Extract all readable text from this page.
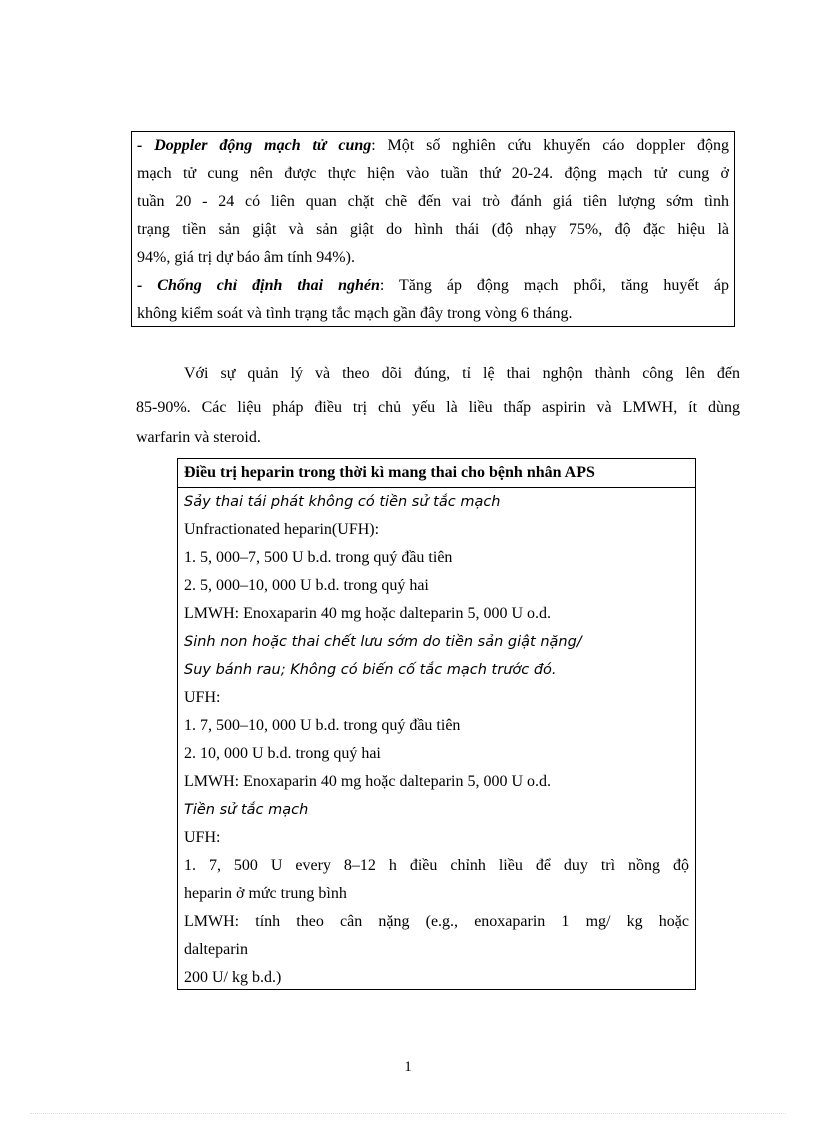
- Doppler động mạch tử cung: Một số nghiên cứu khuyến cáo doppler động
mạch tử cung nên được thực hiện vào tuần thứ 20-24. động mạch tử cung ở
tuần 20 - 24 có liên quan chặt chẽ đến vai trò đánh giá tiên lượng sớm tình
trạng tiền sản giật và sản giật do hình thái (độ nhạy 75%, độ đặc hiệu là
94%, giá trị dự báo âm tính 94%).
- Chống chỉ định thai nghén: Tăng áp động mạch phổi, tăng huyết áp
không kiểm soát và tình trạng tắc mạch gần đây trong vòng 6 tháng.
Với sự quản lý và theo dõi đúng, tỉ lệ thai nghộn thành công lên đến
85-90%. Các liệu pháp điều trị chủ yếu là liều thấp aspirin và LMWH, ít dùng
warfarin và steroid.
Điều trị heparin trong thời kì mang thai cho bệnh nhân APS
Sảy thai tái phát không có tiền sử tắc mạch
Unfractionated heparin(UFH):
1. 5, 000–7, 500 U b.d. trong quý đầu tiên
2. 5, 000–10, 000 U b.d. trong quý hai
LMWH: Enoxaparin 40 mg hoặc dalteparin 5, 000 U o.d.
Sinh non hoặc thai chết lưu sớm do tiền sản giật nặng/
Suy bánh rau; Không có biến cố tắc mạch trước đó.
UFH:
1. 7, 500–10, 000 U b.d. trong quý đầu tiên
2. 10, 000 U b.d. trong quý hai
LMWH: Enoxaparin 40 mg hoặc dalteparin 5, 000 U o.d.
Tiền sử tắc mạch
UFH:
1. 7, 500 U every 8–12 h điều chỉnh liều để duy trì nồng độ
heparin ở mức trung bình
LMWH: tính theo cân nặng (e.g., enoxaparin 1 mg/ kg hoặc
dalteparin
200 U/ kg b.d.)
1
